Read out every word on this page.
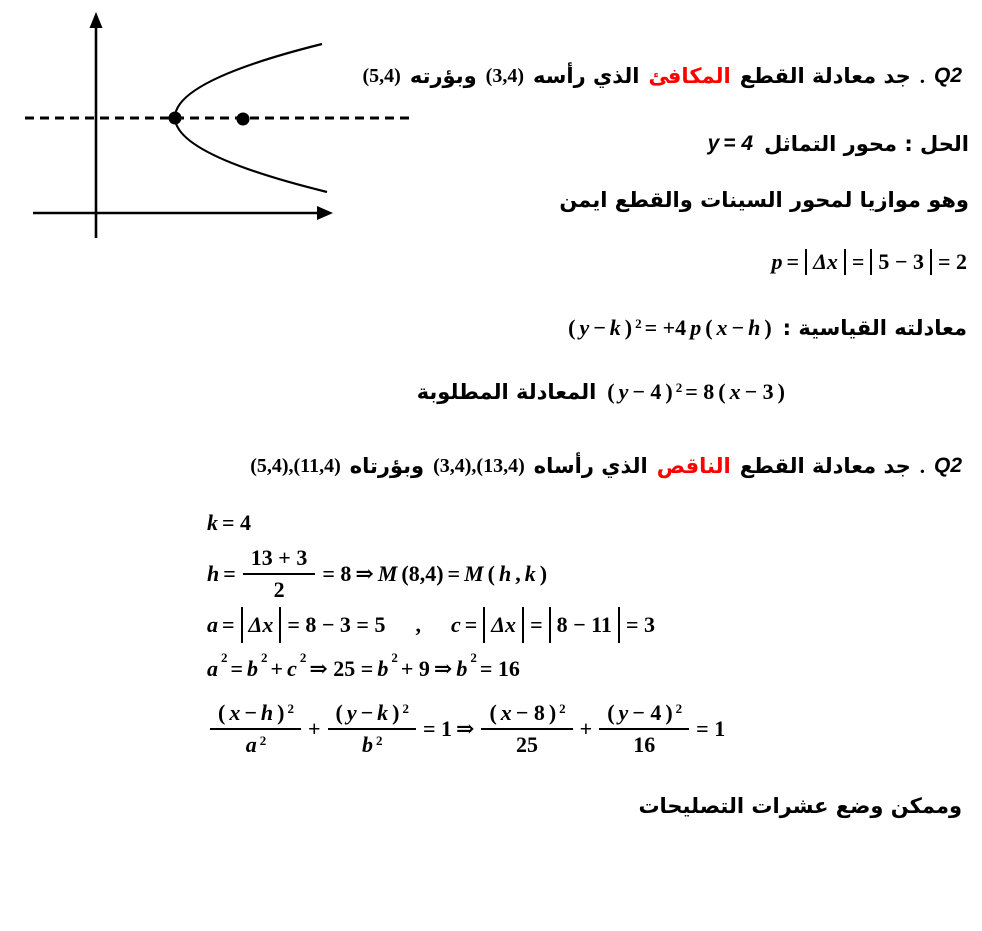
Q2
.
جد معادلة القطع
المكافئ
الذي رأسه
(3,4)
وبؤرته
(5,4)
الحل : محور التماثل
y = 4
وهو موازيا لمحور السينات والقطع ايمن
p = Δx = 5 − 3 = 2
معادلته القياسية :
( y − k ) 2 = +4 p ( x − h )
( y − 4 ) 2 = 8 ( x − 3 )
المعادلة المطلوبة
Q2
.
جد معادلة القطع
الناقص
الذي رأساه
(3,4),(13,4)
وبؤرتاه
(5,4),(11,4)
k = 4
$h = \frac{13 + 3}{2} = 8$ ⇒ M (8,4) = M ( h , k )
a = Δx = 8 − 3 = 5 , c = Δx = 8 − 11 = 3
a 2 = b 2 + c 2 ⇒ 25 = b 2 + 9 ⇒ b 2 = 16
$\frac{( x - h ) 2}{a 2} + \frac{( y - k ) 2}{b 2} = 1$ ⇒ $\frac{( x - 8 ) 2}{25} + \frac{( y - 4 ) 2}{16} = 1$
وممكن وضع عشرات التصليحات
